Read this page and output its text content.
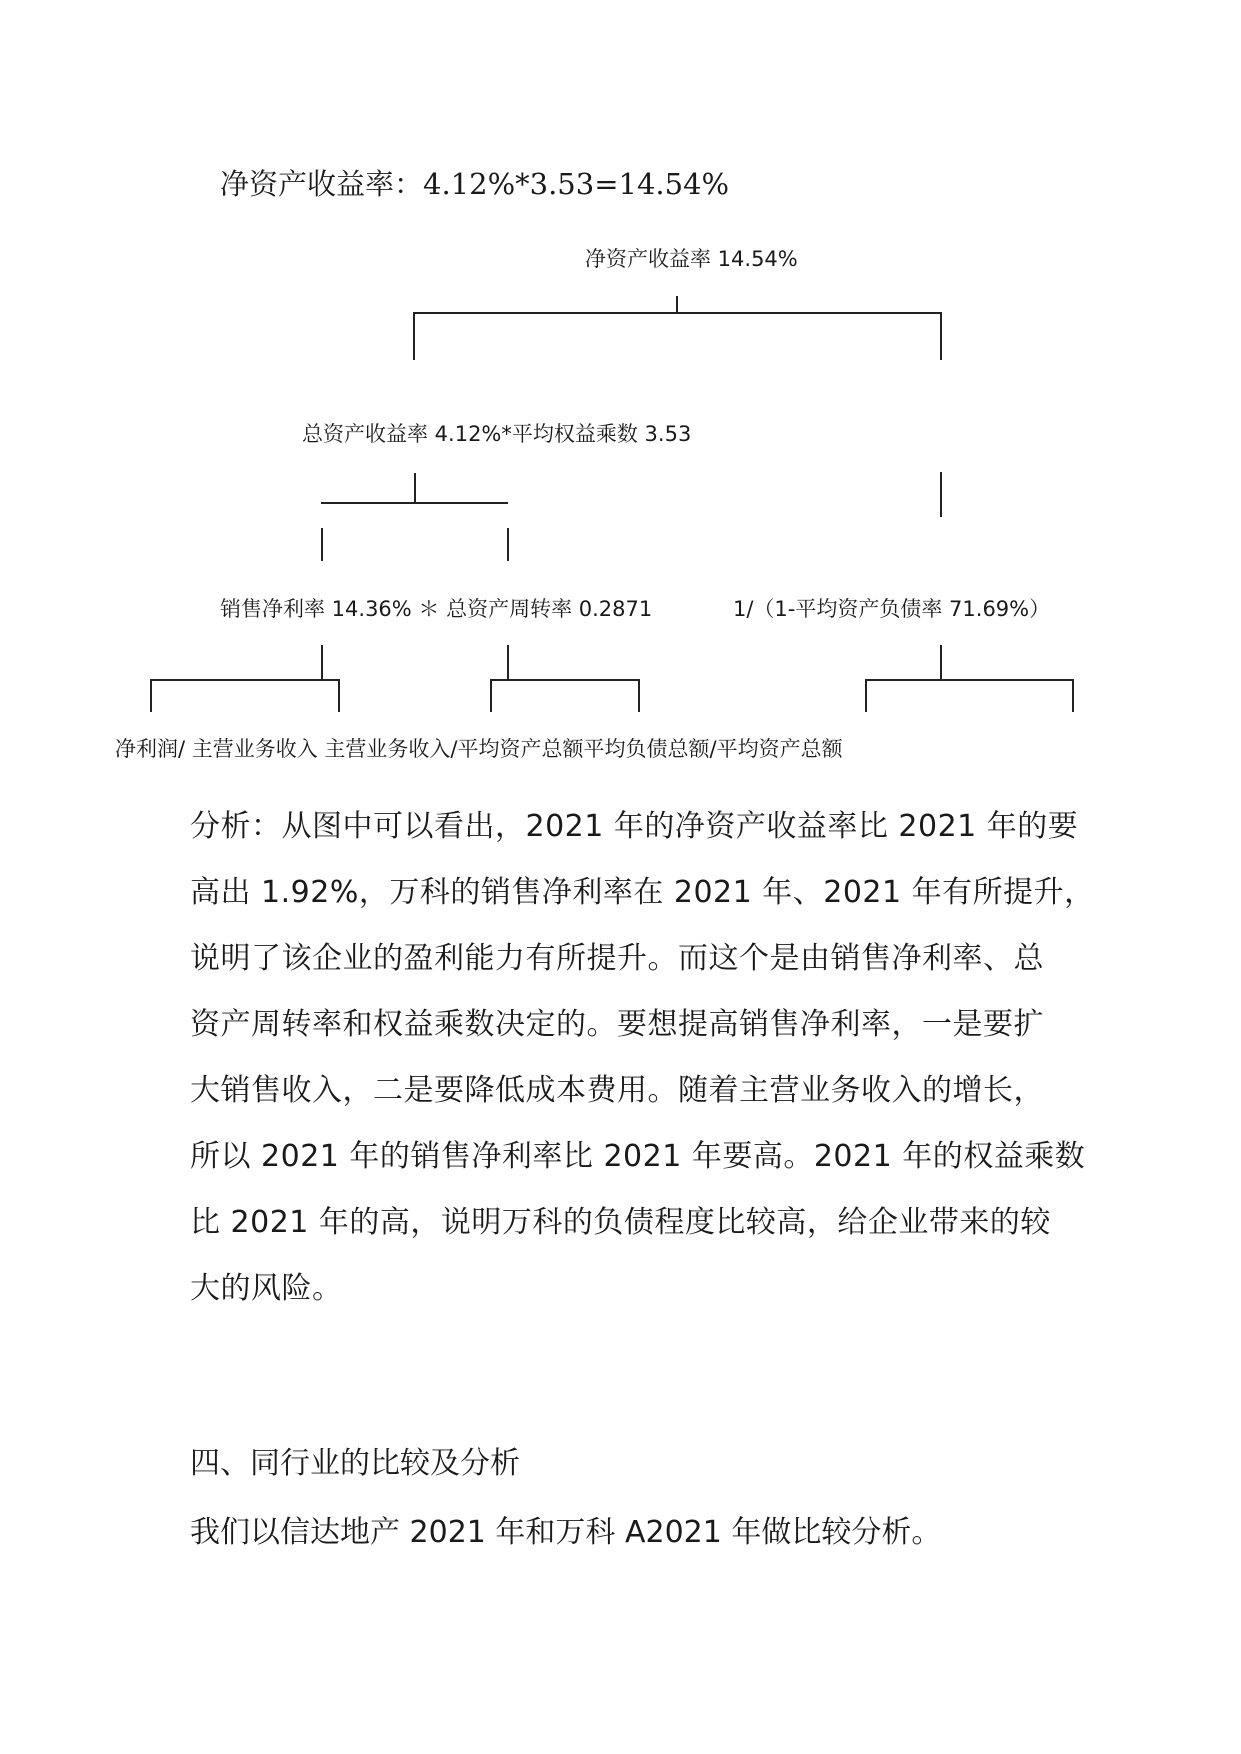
净资产收益率：4.12%*3.53=14.54%
净资产收益率 14.54%
总资产收益率 4.12%*平均权益乘数 3.53
销售净利率 14.36% ＊ 总资产周转率 0.2871	1/（1-平均资产负债率 71.69%）
净利润/ 主营业务收入 主营业务收入/平均资产总额平均负债总额/平均资产总额
分析：从图中可以看出，2021 年的净资产收益率比 2021 年的要
高出 1.92%，万科的销售净利率在 2021 年、2021 年有所提升，
说明了该企业的盈利能力有所提升。而这个是由销售净利率、总
资产周转率和权益乘数决定的。要想提高销售净利率，一是要扩
大销售收入，二是要降低成本费用。随着主营业务收入的增长，
所以 2021 年的销售净利率比 2021 年要高。2021 年的权益乘数
比 2021 年的高，说明万科的负债程度比较高，给企业带来的较
大的风险。
四、同行业的比较及分析
我们以信达地产 2021 年和万科 A2021 年做比较分析。
